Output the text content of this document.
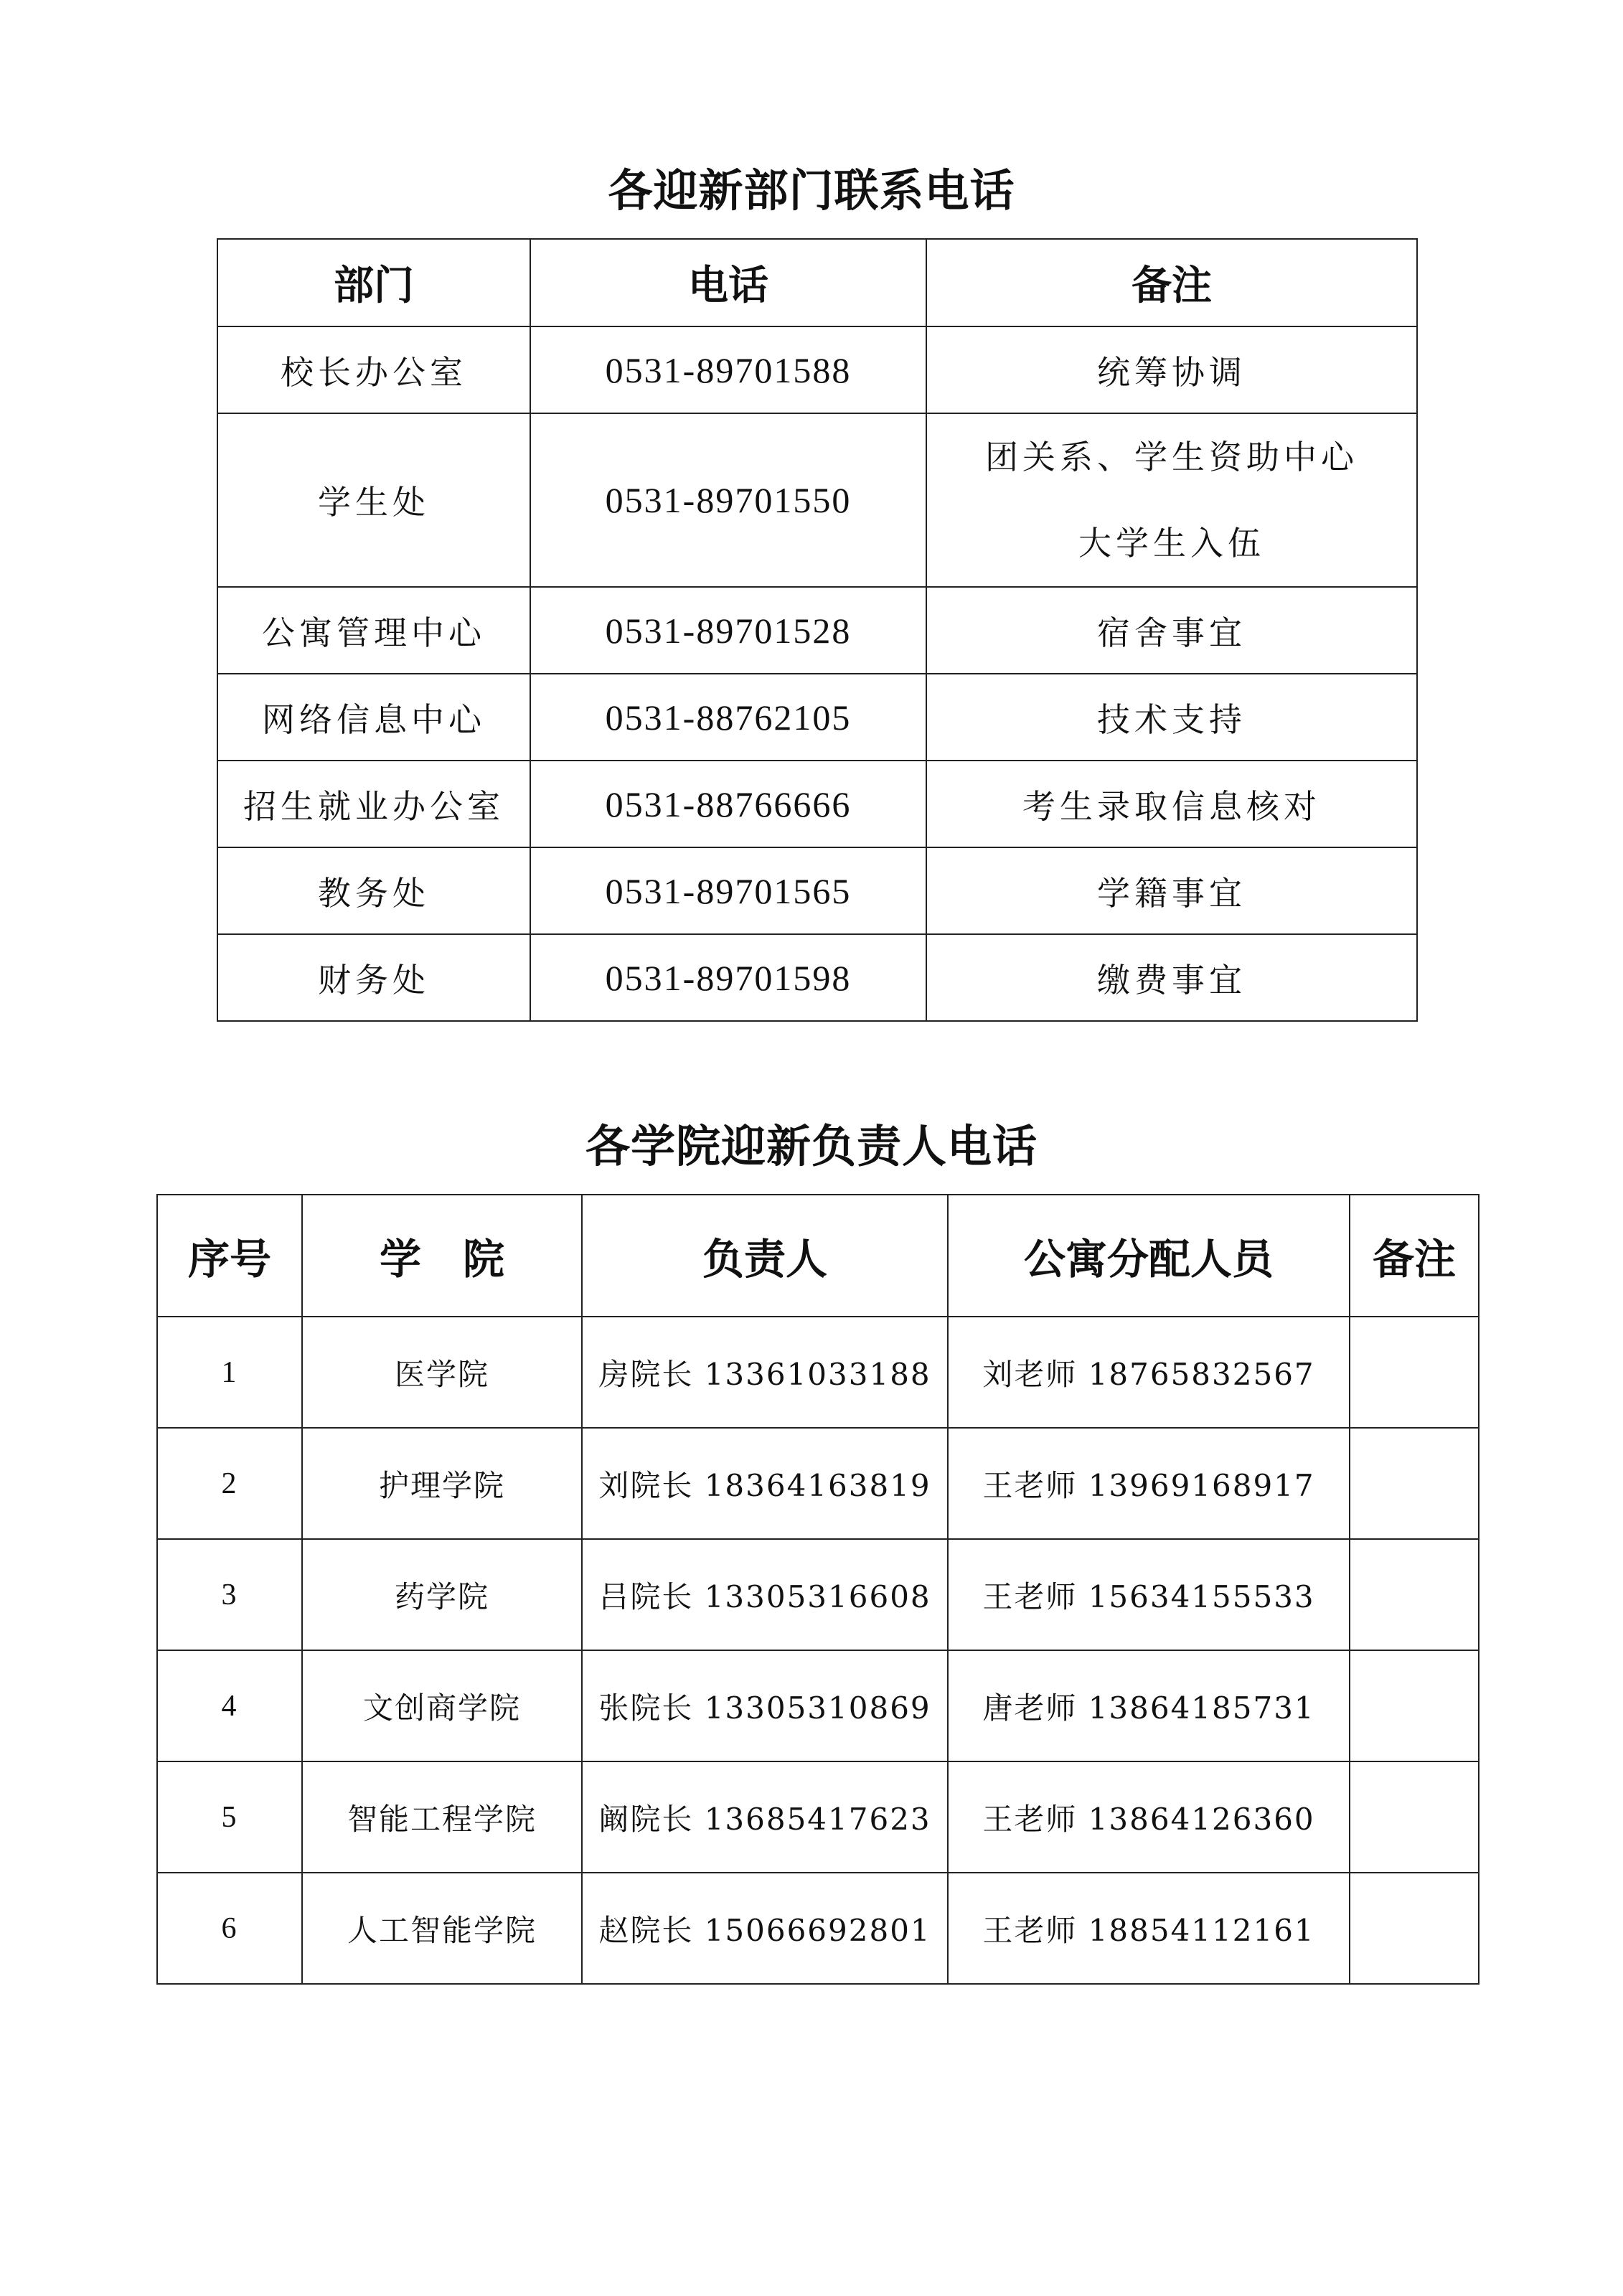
各迎新部门联系电话
部门	电话	备注
校长办公室	0531-89701588	统筹协调
学生处	0531-89701550	团关系、学生资助中心
大学生入伍

公寓管理中心	0531-89701528	宿舍事宜
网络信息中心	0531-88762105	技术支持
招生就业办公室	0531-88766666	考生录取信息核对
教务处	0531-89701565	学籍事宜
财务处	0531-89701598	缴费事宜
各学院迎新负责人电话
序号	学　院	负责人	公寓分配人员	备注
1	医学院	房院长 13361033188	刘老师 18765832567	
2	护理学院	刘院长 18364163819	王老师 13969168917	
3	药学院	吕院长 13305316608	王老师 15634155533	
4	文创商学院	张院长 13305310869	唐老师 13864185731	
5	智能工程学院	阚院长 13685417623	王老师 13864126360	
6	人工智能学院	赵院长 15066692801	王老师 18854112161	
